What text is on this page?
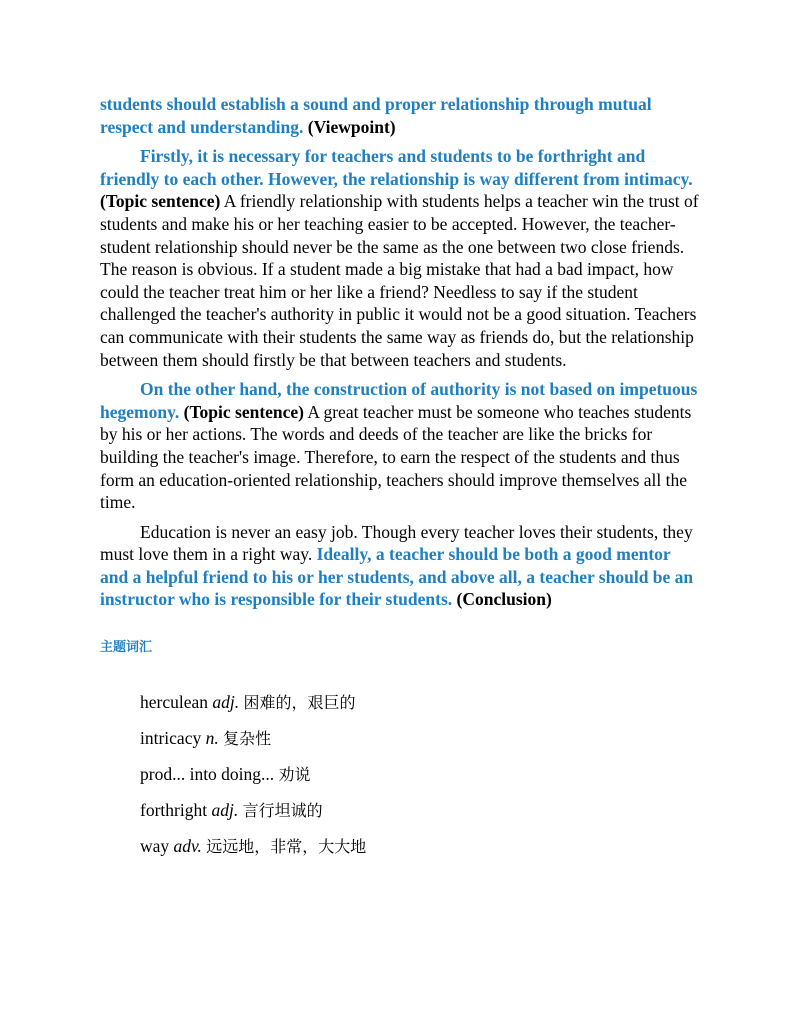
students should establish a sound and proper relationship through mutual respect and understanding. (Viewpoint)

Firstly, it is necessary for teachers and students to be forthright and friendly to each other. However, the relationship is way different from intimacy. (Topic sentence) A friendly relationship with students helps a teacher win the trust of students and make his or her teaching easier to be accepted. However, the teacher-student relationship should never be the same as the one between two close friends. The reason is obvious. If a student made a big mistake that had a bad impact, how could the teacher treat him or her like a friend? Needless to say if the student challenged the teacher's authority in public it would not be a good situation. Teachers can communicate with their students the same way as friends do, but the relationship between them should firstly be that between teachers and students.

On the other hand, the construction of authority is not based on impetuous hegemony. (Topic sentence) A great teacher must be someone who teaches students by his or her actions. The words and deeds of the teacher are like the bricks for building the teacher's image. Therefore, to earn the respect of the students and thus form an education-oriented relationship, teachers should improve themselves all the time.

Education is never an easy job. Though every teacher loves their students, they must love them in a right way. Ideally, a teacher should be both a good mentor and a helpful friend to his or her students, and above all, a teacher should be an instructor who is responsible for their students. (Conclusion)

主题词汇
herculean adj. 困难的，艰巨的
intricacy n. 复杂性
prod... into doing... 劝说
forthright adj. 言行坦诚的
way adv. 远远地，非常，大大地
